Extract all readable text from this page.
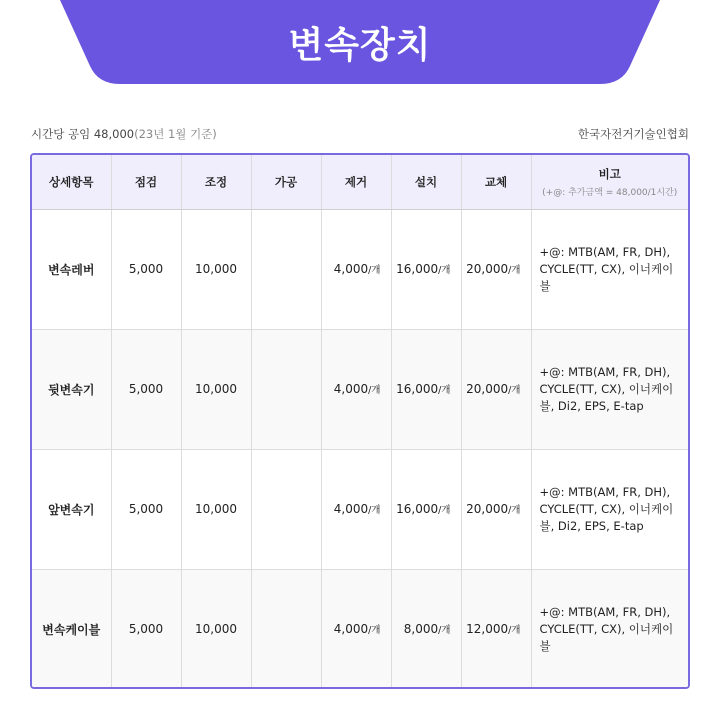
변속장치
시간당 공임 48,000(23년 1월 기준)	한국자전거기술인협회
상세항목	점검	조정	가공	제거	설치	교체	비고
(+@: 추가금액 = 48,000/1시간)

변속레버	5,000	10,000		4,000/개	16,000/개	20,000/개	+@: MTB(AM, FR, DH), CYCLE(TT, CX), 이너케이블
뒷변속기	5,000	10,000		4,000/개	16,000/개	20,000/개	+@: MTB(AM, FR, DH), CYCLE(TT, CX), 이너케이블, Di2, EPS, E-tap
앞변속기	5,000	10,000		4,000/개	16,000/개	20,000/개	+@: MTB(AM, FR, DH), CYCLE(TT, CX), 이너케이블, Di2, EPS, E-tap
변속케이블	5,000	10,000		4,000/개	8,000/개	12,000/개	+@: MTB(AM, FR, DH), CYCLE(TT, CX), 이너케이블
